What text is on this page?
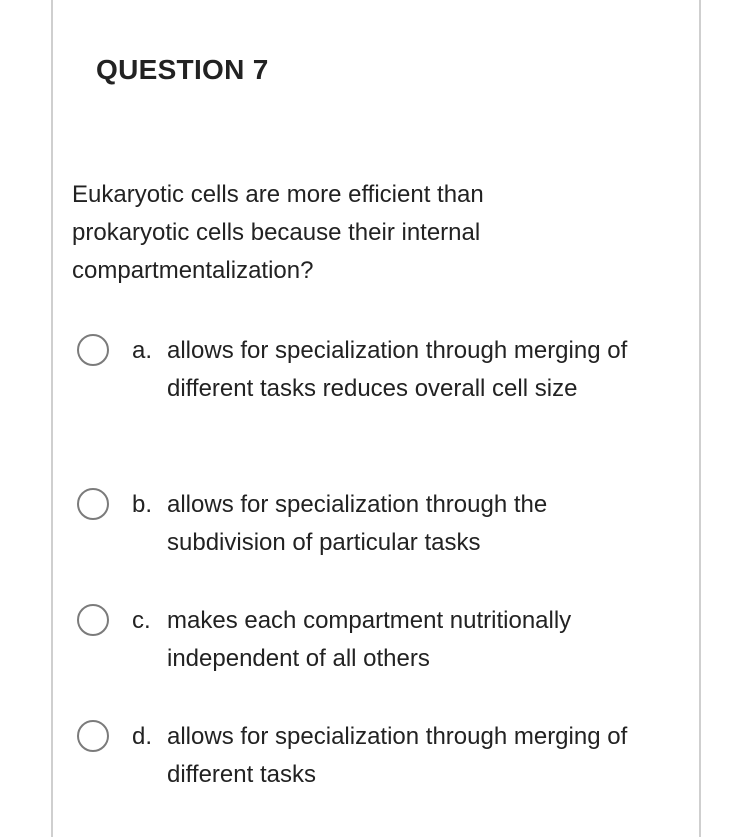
QUESTION 7

Eukaryotic cells are more efficient than prokaryotic cells because their internal compartmentalization?

a. allows for specialization through merging of different tasks reduces overall cell size
b. allows for specialization through the subdivision of particular tasks
c. makes each compartment nutritionally independent of all others
d. allows for specialization through merging of different tasks
